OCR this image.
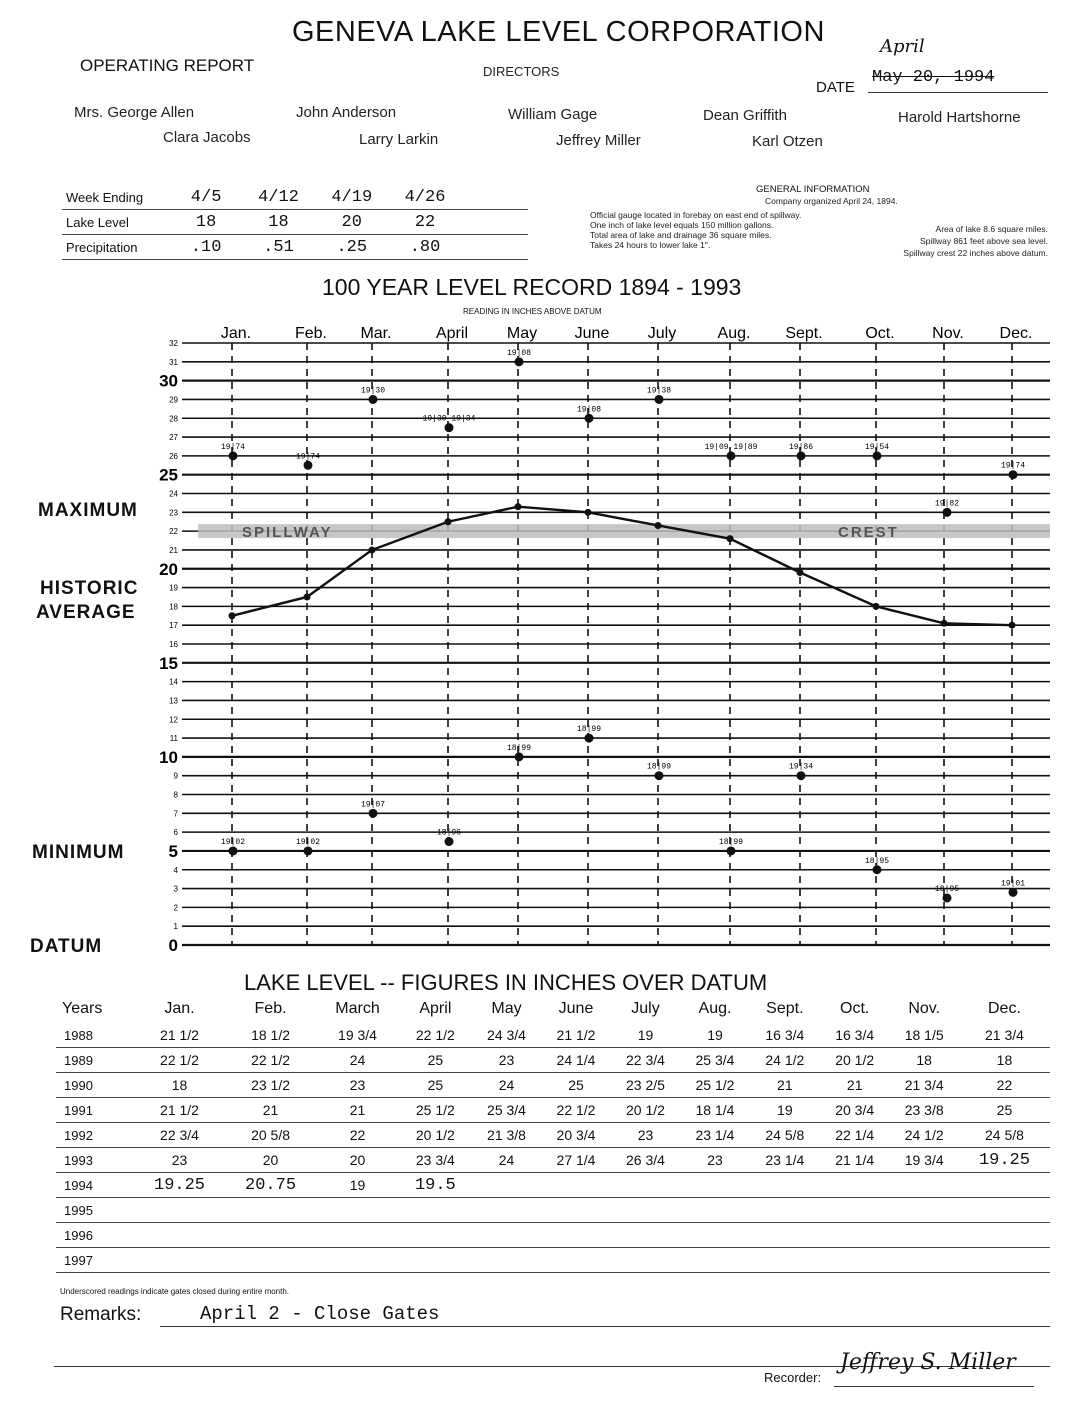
GENEVA LAKE LEVEL CORPORATION
OPERATING REPORT	DIRECTORS
DATE
May 20, 1994
April
Mrs. George Allen	John Anderson	William Gage	Dean Griffith	Harold Hartshorne
Clara Jacobs	Larry Larkin	Jeffrey Miller	Karl Otzen
Week Ending	4/5	4/12	4/19	4/26	
Lake Level	18	18	20	22	
Precipitation	.10	.51	.25	.80	
GENERAL INFORMATION
Company organized April 24, 1894.
Official gauge located in forebay on east end of spillway.
One inch of lake level equals 150 million gallons.
Total area of lake and drainage 36 square miles.
Takes 24 hours to lower lake 1".
Area of lake 8.6 square miles.
Spillway 861 feet above sea level.
Spillway crest 22 inches above datum.
100 YEAR LEVEL RECORD 1894 - 1993
READING IN INCHES ABOVE DATUM
MAXIMUM
HISTORIC
AVERAGE
MINIMUM
DATUM
32
31
30
29
28
27
26
25
24
23
22
21
20
19
18
17
16
15
14
13
12
11
10
9
8
7
6
5
4
3
2
1
0
Jan.	Feb. Mar.	April May June July	Aug. Sept.	Oct. Nov. Dec.
SPILLWAY	CREST
19|74
19|74
19|30
19|30 19|34
19|08
19|08
19|38
19|09 19|89	19|86	19|54
19|82
19|74
19|02	19|02
19|07
18|96
18|99
18|99
18|99
18|99
19|34
18|95
18|95
19|01
LAKE LEVEL -- FIGURES IN INCHES OVER DATUM
Years	Jan.	Feb.	March	April	May	June	July	Aug.	Sept.	Oct.	Nov.	Dec.
1988	21 1/2	18 1/2	19 3/4	22 1/2	24 3/4	21 1/2	19	19	16 3/4	16 3/4	18 1/5	21 3/4
1989	22 1/2	22 1/2	24	25	23	24 1/4	22 3/4	25 3/4	24 1/2	20 1/2	18	18
1990	18	23 1/2	23	25	24	25	23 2/5	25 1/2	21	21	21 3/4	22
1991	21 1/2	21	21	25 1/2	25 3/4	22 1/2	20 1/2	18 1/4	19	20 3/4	23 3/8	25
1992	22 3/4	20 5/8	22	20 1/2	21 3/8	20 3/4	23	23 1/4	24 5/8	22 1/4	24 1/2	24 5/8
1993	23	20	20	23 3/4	24	27 1/4	26 3/4	23	23 1/4	21 1/4	19 3/4	19.25
1994	19.25	20.75	19	19.5								
1995												
1996												
1997												
Underscored readings indicate gates closed during entire month.
Remarks:	April 2 - Close Gates
Recorder:
Jeffrey S. Miller
